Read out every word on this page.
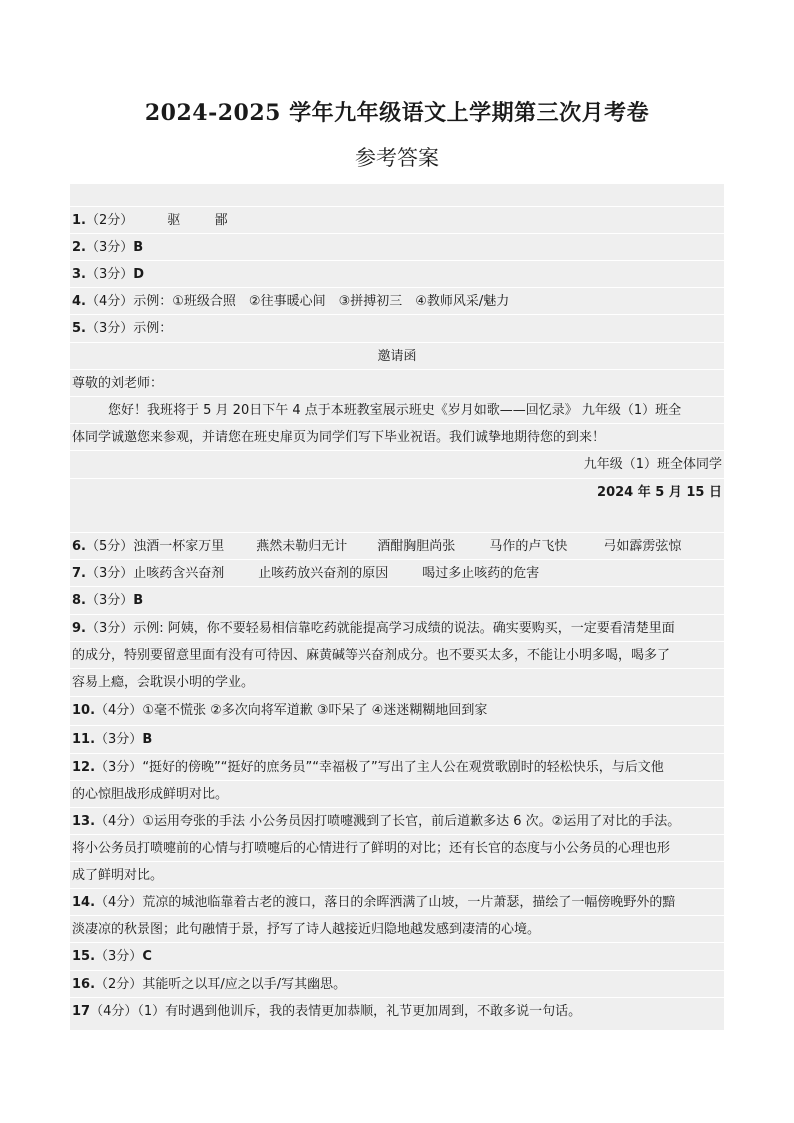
2024-2025 学年九年级语文上学期第三次月考卷
参考答案
1.（2分）	驱	鄙
2.（3分）B
3.（3分）D
4.（4分）示例：①班级合照　②往事暖心间　③拼搏初三　④教师风采/魅力
5.（3分）示例：
邀请函
尊敬的刘老师：
您好！我班将于 5 月 20日下午 4 点于本班教室展示班史《岁月如歌——回忆录》 九年级（1）班全
体同学诚邀您来参观，并请您在班史扉页为同学们写下毕业祝语。我们诚挚地期待您的到来！
九年级（1）班全体同学
2024 年 5 月 15 日
6.（5分）浊酒一杯家万里 燕然未勒归无计 酒酣胸胆尚张	马作的卢飞快	弓如霹雳弦惊
7.（3分）止咳药含兴奋剂	止咳药放兴奋剂的原因	喝过多止咳药的危害
8.（3分）B
9.（3分）示例: 阿姨，你不要轻易相信靠吃药就能提高学习成绩的说法。确实要购买，一定要看清楚里面
的成分，特别要留意里面有没有可待因、麻黄碱等兴奋剂成分。也不要买太多，不能让小明多喝，喝多了
容易上瘾，会耽误小明的学业。
10.（4分）①毫不慌张 ②多次向将军道歉 ③吓呆了 ④迷迷糊糊地回到家
11.（3分）B
12.（3分）“挺好的傍晚”“挺好的庶务员”“幸福极了”写出了主人公在观赏歌剧时的轻松快乐，与后文他
的心惊胆战形成鲜明对比。
13.（4分）①运用夸张的手法 小公务员因打喷嚏溅到了长官，前后道歉多达 6 次。②运用了对比的手法。
将小公务员打喷嚏前的心情与打喷嚏后的心情进行了鲜明的对比；还有长官的态度与小公务员的心理也形
成了鲜明对比。
14.（4分）荒凉的城池临靠着古老的渡口，落日的余晖洒满了山坡，一片萧瑟，描绘了一幅傍晚野外的黯
淡凄凉的秋景图；此句融情于景，抒写了诗人越接近归隐地越发感到凄清的心境。
15.（3分）C
16.（2分）其能听之以耳/应之以手/写其幽思。
17（4分）（1）有时遇到他训斥，我的表情更加恭顺，礼节更加周到，不敢多说一句话。
